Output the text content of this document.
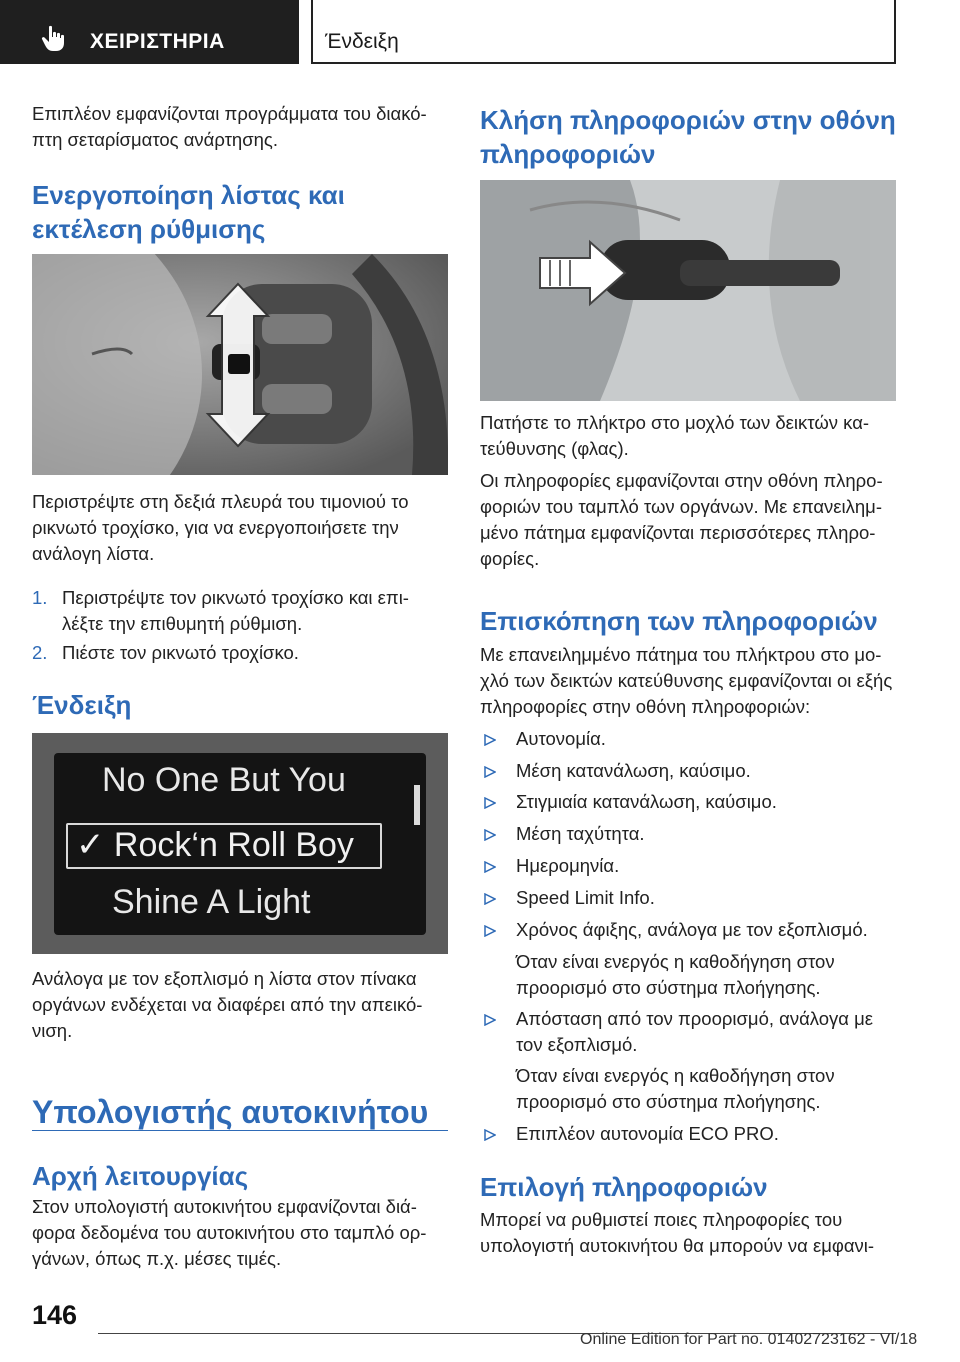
ΧΕΙΡΙΣΤΗΡΙΑ	Ένδειξη

Επιπλέον εμφανίζονται προγράμματα του διακό-πτη σεταρίσματος ανάρτησης.

Ενεργοποίηση λίστας και εκτέλεση ρύθμισης

Περιστρέψτε στη δεξιά πλευρά του τιμονιού το ρικνωτό τροχίσκο, για να ενεργοποιήσετε την ανάλογη λίστα.

1. Περιστρέψτε τον ρικνωτό τροχίσκο και επι-λέξτε την επιθυμητή ρύθμιση.
2. Πιέστε τον ρικνωτό τροχίσκο.
Ένδειξη
No One But You
✓ Rock‘n Roll Boy
Shine A Light

Ανάλογα με τον εξοπλισμό η λίστα στον πίνακα οργάνων ενδέχεται να διαφέρει από την απεικό-νιση.

Υπολογιστής αυτοκινήτου
Αρχή λειτουργίας

Στον υπολογιστή αυτοκινήτου εμφανίζονται διά-φορα δεδομένα του αυτοκινήτου στο ταμπλό ορ-γάνων, όπως π.χ. μέσες τιμές.

Κλήση πληροφοριών στην οθόνη πληροφοριών

Πατήστε το πλήκτρο στο μοχλό των δεικτών κα-τεύθυνσης (φλας).

Οι πληροφορίες εμφανίζονται στην οθόνη πληρο-φοριών του ταμπλό των οργάνων. Με επανειλημ-μένο πάτημα εμφανίζονται περισσότερες πληρο-φορίες.

Επισκόπηση των πληροφοριών

Με επανειλημμένο πάτημα του πλήκτρου στο μο-χλό των δεικτών κατεύθυνσης εμφανίζονται οι εξής πληροφορίες στην οθόνη πληροφοριών:

Αυτονομία.
Μέση κατανάλωση, καύσιμο.
Στιγμιαία κατανάλωση, καύσιμο.
Μέση ταχύτητα.
Ημερομηνία.
Speed Limit Info.
Χρόνος άφιξης, ανάλογα με τον εξοπλισμό.

Όταν είναι ενεργός η καθοδήγηση στον προορισμό στο σύστημα πλοήγησης.

Απόσταση από τον προορισμό, ανάλογα με τον εξοπλισμό.

Όταν είναι ενεργός η καθοδήγηση στον προορισμό στο σύστημα πλοήγησης.

Επιπλέον αυτονομία ECO PRO.
Επιλογή πληροφοριών

Μπορεί να ρυθμιστεί ποιες πληροφορίες του υπολογιστή αυτοκινήτου θα μπορούν να εμφανι-

146
Online Edition for Part no. 01402723162 - VI/18
